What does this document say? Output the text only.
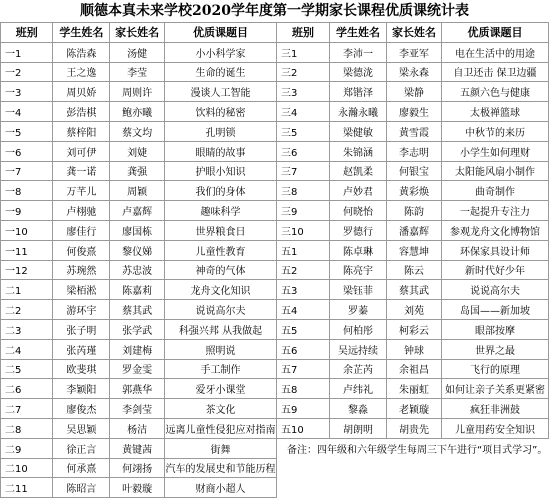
顺德本真未来学校2020学年度第一学期家长课程优质课统计表
班别	学生姓名	家长姓名	优质课题目	班别	学生姓名	家长姓名	优质课题目
一1	陈浩森	汤健	小小科学家	三1	李沛一	李亚军	电在生活中的用途
一2	王之逸	李莹	生命的诞生	三2	梁德泷	梁永森	自卫还击 保卫边疆
一3	周贝娇	周则许	漫谈人工智能	三3	郑锴泽	梁静	五颜六色与健康
一4	彭浩棋	鲍亦曦	饮料的秘密	三4	永瀚永曦	廖毅生	太极禅篮球
一5	蔡梓阳	蔡文均	孔明锁	三5	梁健敏	黄雪霞	中秋节的来历
一6	刘可伊	刘婕	眼睛的故事	三6	朱锦涵	李志明	小学生如何理财
一7	龚一诺	龚强	护眼小知识	三7	赵凯柔	何银宝	太阳能风扇小制作
一8	万芊儿	周颖	我们的身体	三8	卢妙君	黄彩焕	曲奇制作
一9	卢栩驰	卢嘉辉	趣味科学	三9	何晓怡	陈韵	一起提升专注力
一10	廖佳行	廖国栋	世界粮食日	三10	罗德行	潘嘉辉	参观龙舟文化博物馆
一11	何俊熹	黎仪娣	儿童性教育	五1	陈卓琳	容慧坤	环保家具设计师
一12	苏琬然	苏忠波	神奇的气体	五2	陈亮宇	陈云	新时代好少年
二1	梁栢淞	陈嘉莉	龙舟文化知识	五3	梁钰菲	蔡其武	说说高尔夫
二2	游环宇	蔡其武	说说高尔夫	五4	罗蓁	刘苑	岛国——新加坡
二3	张子明	张学武	科强兴邦 从我做起	五5	何柏彤	柯彩云	眼部按摩
二4	张芮瑾	刘建梅	照明说	五6	吴远持续	钟球	世界之最
二5	欧斐琪	罗金雯	手工制作	五7	余芷芮	余祖昌	飞行的原理
二6	李颖阳	郭燕华	爱牙小课堂	五8	卢纬礼	朱丽虹	如何让亲子关系更紧密
二7	廖俊杰	李剑莹	茶文化	五9	黎淼	老颖璇	疯狂非洲鼓
二8	吴思颖	杨洁	远离儿童性侵犯应对指南	五10	胡朗明	胡贵先	儿童用药安全知识
二9	徐正言	黄键茜	街舞	备注：四年级和六年级学生每周三下午进行“项目式学习”。			
二10	何承熹	何翊扬	汽车的发展史和节能历程				
二11	陈昭言	叶毅璇	财商小超人				
